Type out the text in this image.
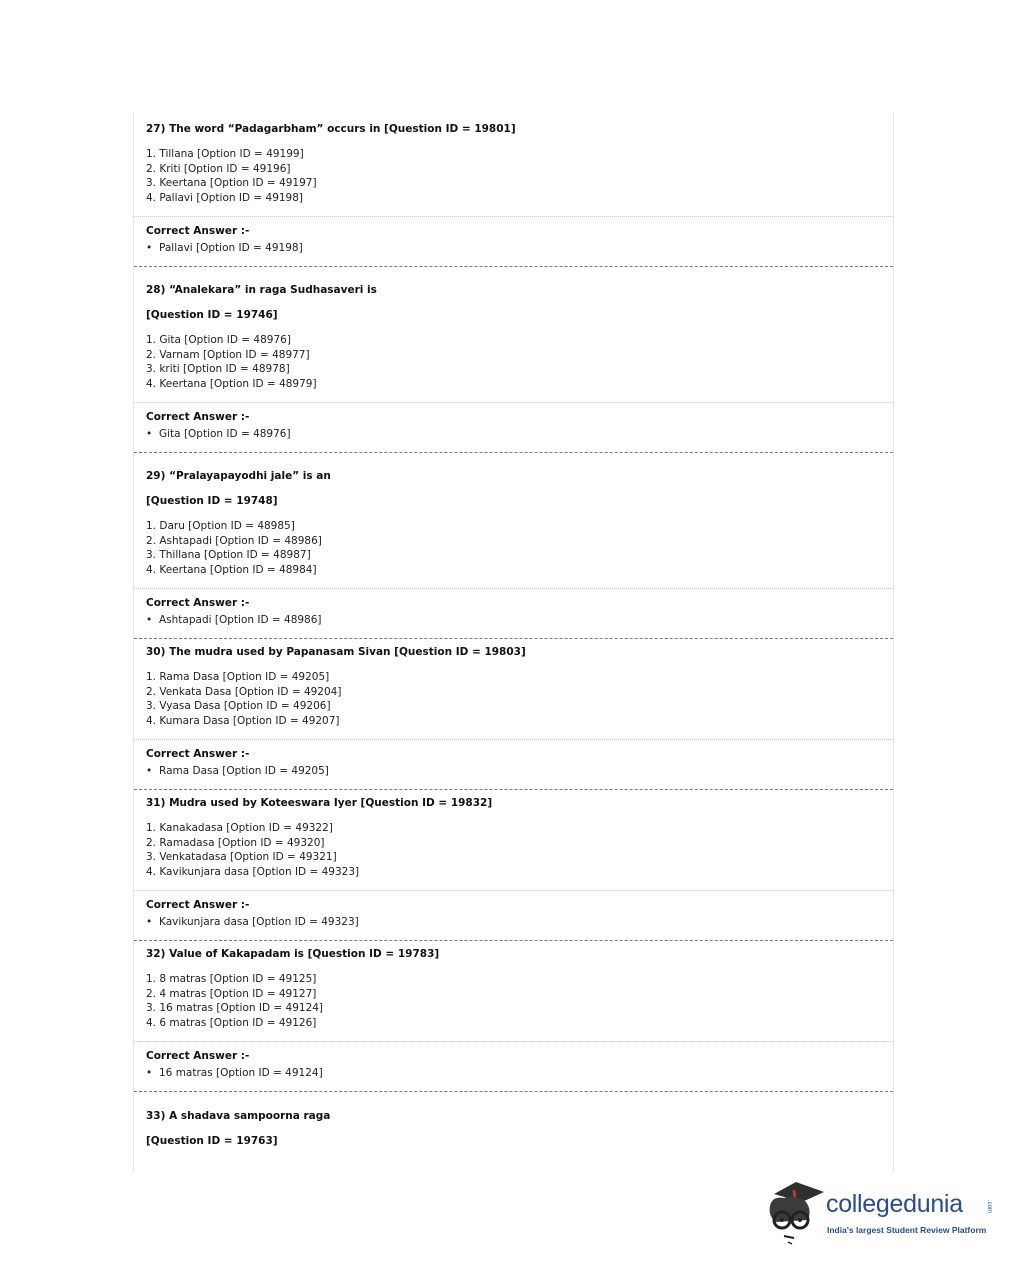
27) The word “Padagarbham” occurs in [Question ID = 19801]
1. Tillana [Option ID = 49199]
2. Kriti [Option ID = 49196]
3. Keertana [Option ID = 49197]
4. Pallavi [Option ID = 49198]
Correct Answer :-
• Pallavi [Option ID = 49198]
28) “Analekara” in raga Sudhasaveri is
[Question ID = 19746]
1. Gita [Option ID = 48976]
2. Varnam [Option ID = 48977]
3. kriti [Option ID = 48978]
4. Keertana [Option ID = 48979]
Correct Answer :-
• Gita [Option ID = 48976]
29) “Pralayapayodhi jale” is an
[Question ID = 19748]
1. Daru [Option ID = 48985]
2. Ashtapadi [Option ID = 48986]
3. Thillana [Option ID = 48987]
4. Keertana [Option ID = 48984]
Correct Answer :-
• Ashtapadi [Option ID = 48986]
30) The mudra used by Papanasam Sivan [Question ID = 19803]
1. Rama Dasa [Option ID = 49205]
2. Venkata Dasa [Option ID = 49204]
3. Vyasa Dasa [Option ID = 49206]
4. Kumara Dasa [Option ID = 49207]
Correct Answer :-
• Rama Dasa [Option ID = 49205]
31) Mudra used by Koteeswara Iyer [Question ID = 19832]
1. Kanakadasa [Option ID = 49322]
2. Ramadasa [Option ID = 49320]
3. Venkatadasa [Option ID = 49321]
4. Kavikunjara dasa [Option ID = 49323]
Correct Answer :-
• Kavikunjara dasa [Option ID = 49323]
32) Value of Kakapadam is [Question ID = 19783]
1. 8 matras [Option ID = 49125]
2. 4 matras [Option ID = 49127]
3. 16 matras [Option ID = 49124]
4. 6 matras [Option ID = 49126]
Correct Answer :-
• 16 matras [Option ID = 49124]
33) A shadava sampoorna raga
[Question ID = 19763]
collegedunia	.com
India's largest Student Review Platform
